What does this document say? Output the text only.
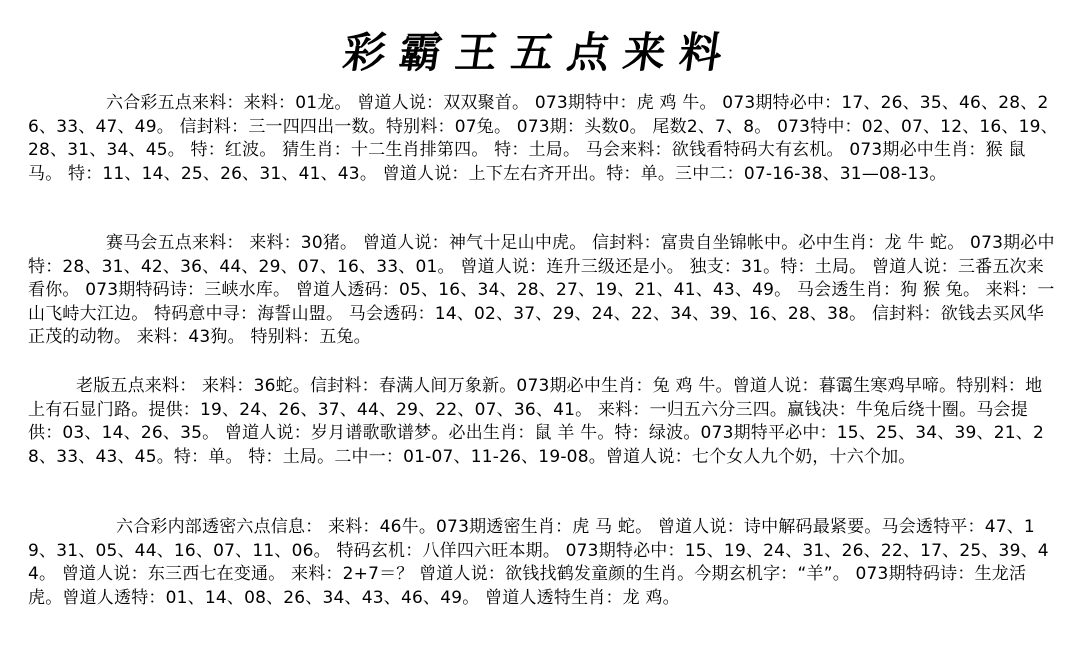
彩霸王五点来料

六合彩五点来料：来料：01龙。 曾道人说：双双聚首。 073期特中：虎 鸡 牛。 073期特必中：17、26、35、46、28、26、33、47、49。 信封料：三一四四出一数。特别料：07兔。 073期：头数0。 尾数2、7、8。 073特中：02、07、12、16、19、28、31、34、45。 特：红波。 猜生肖：十二生肖排第四。 特：土局。 马会来料：欲钱看特码大有玄机。 073期必中生肖：猴 鼠 马。 特：11、14、25、26、31、41、43。 曾道人说：上下左右齐开出。特：单。三中二：07-16-38、31—08-13。

赛马会五点来料： 来料：30猪。 曾道人说：神气十足山中虎。 信封料：富贵自坐锦帐中。必中生肖：龙 牛 蛇。 073期必中特：28、31、42、36、44、29、07、16、33、01。 曾道人说：连升三级还是小。 独支：31。特：土局。 曾道人说：三番五次来看你。 073期特码诗：三峡水库。 曾道人透码：05、16、34、28、27、19、21、41、43、49。 马会透生肖：狗 猴 兔。 来料：一山飞峙大江边。 特码意中寻：海誓山盟。 马会透码：14、02、37、29、24、22、34、39、16、28、38。 信封料：欲钱去买风华正茂的动物。 来料：43狗。 特别料：五兔。

老版五点来料： 来料：36蛇。信封料：春满人间万象新。073期必中生肖：兔 鸡 牛。曾道人说：暮霭生寒鸡早啼。特别料：地上有石显门路。提供：19、24、26、37、44、29、22、07、36、41。 来料：一归五六分三四。赢钱决：牛兔后绕十圈。马会提供：03、14、26、35。 曾道人说：岁月谱歌歌谱梦。必出生肖：鼠 羊 牛。特：绿波。073期特平必中：15、25、34、39、21、28、33、43、45。特：单。 特：土局。二中一：01-07、11-26、19-08。曾道人说：七个女人九个奶，十六个加。

六合彩内部透密六点信息： 来料：46牛。073期透密生肖：虎 马 蛇。 曾道人说：诗中解码最紧要。马会透特平：47、19、31、05、44、16、07、11、06。 特码玄机：八佯四六旺本期。 073期特必中：15、19、24、31、26、22、17、25、39、44。 曾道人说：东三西七在变通。 来料：2+7＝？ 曾道人说：欲钱找鹤发童颜的生肖。今期玄机字：“羊”。 073期特码诗：生龙活虎。曾道人透特：01、14、08、26、34、43、46、49。 曾道人透特生肖：龙 鸡。
